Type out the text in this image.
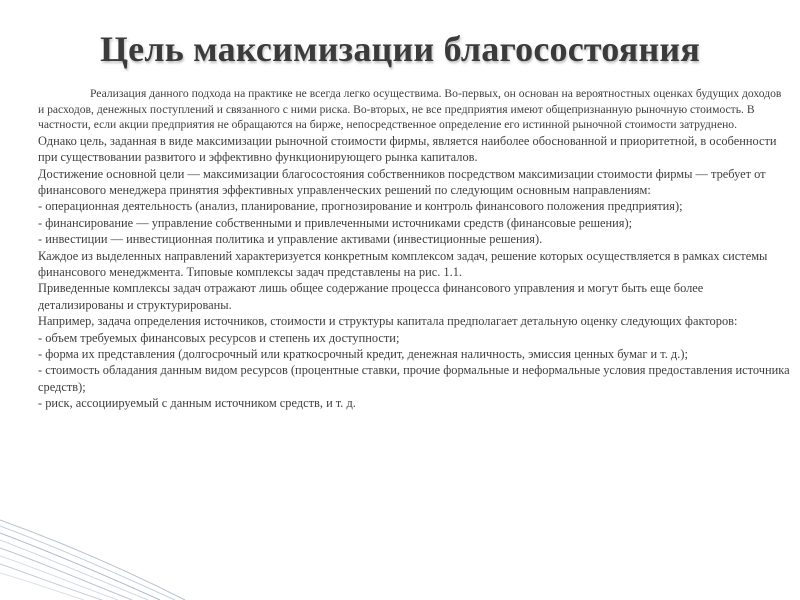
Цель максимизации благосостояния

Реализация данного подхода на практике не всегда легко осуществима. Во-первых, он основан на вероятностных оценках будущих доходов и расходов, денежных поступлений и связанного с ними риска. Во-вторых, не все предприятия имеют общепризнанную рыночную стоимость. В частности, если акции предприятия не обращаются на бирже, непосредственное определение его истинной рыночной стоимости затруднено.

Однако цель, заданная в виде максимизации рыночной стоимости фирмы, является наиболее обоснованной и приоритетной, в особенности при существовании развитого и эффективно функционирующего рынка капиталов.

Достижение основной цели — максимизации благосостояния собственников посредством максимизации стоимости фирмы — требует от финансового менеджера принятия эффективных управленческих решений по следующим основным направлениям:

- операционная деятельность (анализ, планирование, прогнозирование и контроль финансового положения предприятия);

- финансирование — управление собственными и привлеченными источниками средств (финансовые решения);

- инвестиции — инвестиционная политика и управление активами (инвестиционные решения).

Каждое из выделенных направлений характеризуется конкретным комплексом задач, решение которых осуществляется в рамках системы финансового менеджмента. Типовые комплексы задач представлены на рис. 1.1.

Приведенные комплексы задач отражают лишь общее содержание процесса финансового управления и могут быть еще более детализированы и структурированы.

Например, задача определения источников, стоимости и структуры капитала предполагает детальную оценку следующих факторов:

- объем требуемых финансовых ресурсов и степень их доступности;

- форма их представления (долгосрочный или краткосрочный кредит, денежная наличность, эмиссия ценных бумаг и т. д.);

- стоимость обладания данным видом ресурсов (процентные ставки, прочие формальные и неформальные условия предоставления источника средств);

- риск, ассоциируемый с данным источником средств, и т. д.
